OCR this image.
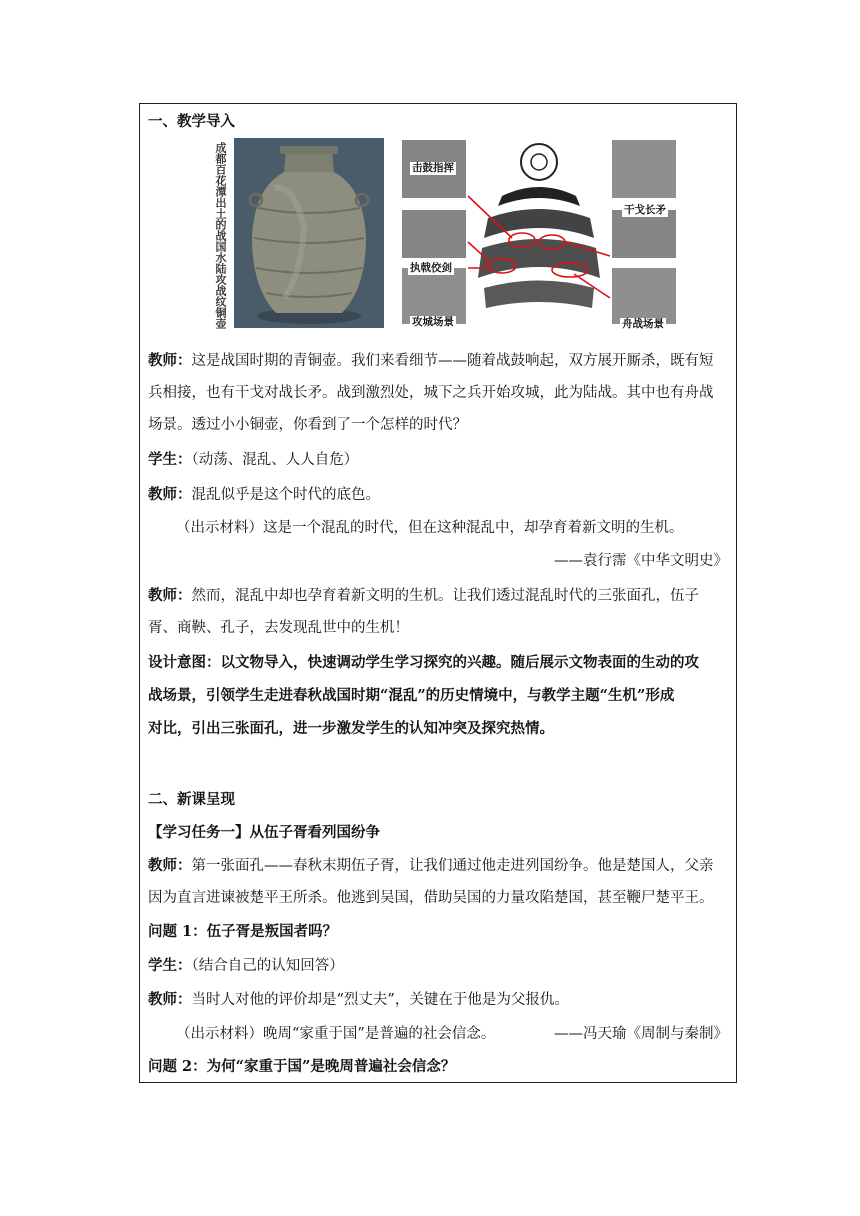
一、教学导入
成都百花潭出土的战国水陆攻战纹铜壶	击鼓指挥
执戟佼剑
攻城场景
干戈长矛
舟战场景
教师：这是战国时期的青铜壶。我们来看细节——随着战鼓响起，双方展开厮杀，既有短
兵相接，也有干戈对战长矛。战到激烈处，城下之兵开始攻城，此为陆战。其中也有舟战
场景。透过小小铜壶，你看到了一个怎样的时代？
学生：（动荡、混乱、人人自危）
教师：混乱似乎是这个时代的底色。
（出示材料）这是一个混乱的时代，但在这种混乱中，却孕育着新文明的生机。
——袁行霈《中华文明史》
教师：然而，混乱中却也孕育着新文明的生机。让我们透过混乱时代的三张面孔，伍子
胥、商鞅、孔子，去发现乱世中的生机！
设计意图：以文物导入，快速调动学生学习探究的兴趣。随后展示文物表面的生动的攻
战场景，引领学生走进春秋战国时期“混乱”的历史情境中，与教学主题“生机”形成
对比，引出三张面孔，进一步激发学生的认知冲突及探究热情。
二、新课呈现
【学习任务一】从伍子胥看列国纷争
教师：第一张面孔——春秋末期伍子胥，让我们通过他走进列国纷争。他是楚国人，父亲
因为直言进谏被楚平王所杀。他逃到吴国，借助吴国的力量攻陷楚国，甚至鞭尸楚平王。
问题 1：伍子胥是叛国者吗？
学生：（结合自己的认知回答）
教师：当时人对他的评价却是“烈丈夫”，关键在于他是为父报仇。
（出示材料）晚周“家重于国”是普遍的社会信念。	——冯天瑜《周制与秦制》
问题 2：为何“家重于国”是晚周普遍社会信念？
